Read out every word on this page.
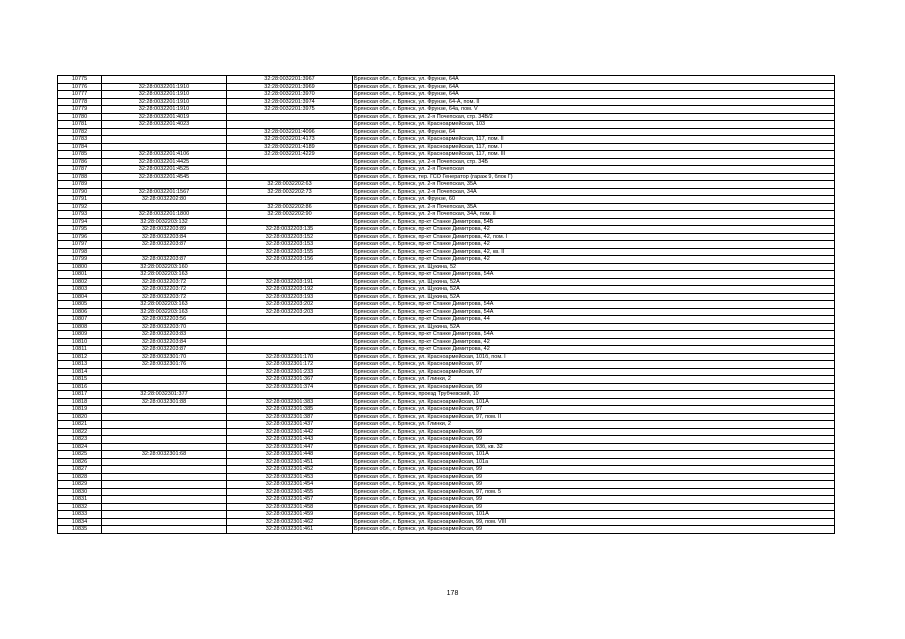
10775		32:28:0032201:3967	Брянская обл., г. Брянск, ул. Фрунзе, 64А
10776	32:28:0032201:1910	32:28:0032201:3969	Брянская обл., г. Брянск, ул. Фрунзе, 64А
10777	32:28:0032201:1910	32:28:0032201:3970	Брянская обл., г. Брянск, ул. Фрунзе, 64А
10778	32:28:0032201:1910	32:28:0032201:3974	Брянская обл., г. Брянск, ул. Фрунзе, 64-А, пом. II
10779	32:28:0032201:1910	32:28:0032201:3975	Брянская обл., г. Брянск, ул. Фрунзе, 64а, пом. V
10780	32:28:0032201:4019		Брянская обл., г. Брянск, ул. 2-я Почепская, стр. 34В/2
10781	32:28:0032201:4023		Брянская обл., г. Брянск, ул. Красноармейская, 103
10782		32:28:0032201:4096	Брянская обл., г. Брянск, ул. Фрунзе, 64
10783		32:28:0032201:4173	Брянская обл., г. Брянск, ул. Красноармейская, 117, пом. II
10784		32:28:0032201:4189	Брянская обл., г. Брянск, ул. Красноармейская, 117, пом. I
10785	32:28:0032201:4106	32:28:0032201:4229	Брянская обл., г. Брянск, ул. Красноармейская, 117, пом. III
10786	32:28:0032201:4425		Брянская обл., г. Брянск, ул. 2-я Почепская, стр. 34Б
10787	32:28:0032201:4525		Брянская обл., г. Брянск, ул. 2-я Почепская
10788	32:28:0032201:4545		Брянская обл., г. Брянск, тер. ГСО Генератор (гараж 9, блок Г)
10789		32:28:0032202:63	Брянская обл., г. Брянск, ул. 2-я Почепская, 35А
10790	32:28:0032201:1567	32:28:0032202:73	Брянская обл., г. Брянск, ул. 2-я Почепская, 34А
10791	32:28:0032202:80		Брянская обл., г. Брянск, ул. Фрунзе, 60
10792		32:28:0032202:86	Брянская обл., г. Брянск, ул. 2-я Почепская, 35А
10793	32:28:0032201:1800	32:28:0032202:90	Брянская обл., г. Брянск, ул. 2-я Почепская, 34А, пом. II
10794	32:28:0032203:132		Брянская обл., г. Брянск, пр-кт Станке Димитрова, 54Б
10795	32:28:0032203:89	32:28:0032203:135	Брянская обл., г. Брянск, пр-кт Станке Димитрова, 42
10796	32:28:0032203:84	32:28:0032203:152	Брянская обл., г. Брянск, пр-кт Станке Димитрова, 42, пом. I
10797	32:28:0032203:87	32:28:0032203:153	Брянская обл., г. Брянск, пр-кт Станке Димитрова, 42
10798		32:28:0032203:155	Брянская обл., г. Брянск, пр-кт Станке Димитрова, 42, кв. II
10799	32:28:0032203:87	32:28:0032203:156	Брянская обл., г. Брянск, пр-кт Станке Димитрова, 42
10800	32:28:0032203:160		Брянская обл., г. Брянск, ул. Щукина, 52
10801	32:28:0032203:163		Брянская обл., г. Брянск, пр-кт Станке Димитрова, 54А
10802	32:28:0032203:72	32:28:0032203:191	Брянская обл., г. Брянск, ул. Щукина, 52А
10803	32:28:0032203:72	32:28:0032203:192	Брянская обл., г. Брянск, ул. Щукина, 52А
10804	32:28:0032203:72	32:28:0032203:193	Брянская обл., г. Брянск, ул. Щукина, 52А
10805	32:28:0032203:163	32:28:0032203:202	Брянская обл., г. Брянск, пр-кт Станке Димитрова, 54А
10806	32:28:0032203:163	32:28:0032203:203	Брянская обл., г. Брянск, пр-кт Станке Димитрова, 54А
10807	32:28:0032203:56		Брянская обл., г. Брянск, пр-кт Станке Димитрова, 44
10808	32:28:0032203:70		Брянская обл., г. Брянск, ул. Щукина, 52А
10809	32:28:0032203:83		Брянская обл., г. Брянск, пр-кт Станке Димитрова, 54А
10810	32:28:0032203:84		Брянская обл., г. Брянск, пр-кт Станке Димитрова, 42
10811	32:28:0032203:87		Брянская обл., г. Брянск, пр-кт Станке Димитрова, 42
10812	32:28:0032301:70	32:28:0032301:170	Брянская обл., г. Брянск, ул. Красноармейская, 101б, пом. I
10813	32:28:0032301:76	32:28:0032301:172	Брянская обл., г. Брянск, ул. Красноармейская, 97
10814		32:28:0032301:233	Брянская обл., г. Брянск, ул. Красноармейская, 97
10815		32:28:0032301:367	Брянская обл., г. Брянск, ул. Глинки, 2
10816		32:28:0032301:374	Брянская обл., г. Брянск, ул. Красноармейская, 99
10817	32:28:0032301:377		Брянская обл., г. Брянск, проезд Трубчевский, 10
10818	32:28:0032301:88	32:28:0032301:383	Брянская обл., г. Брянск, ул. Красноармейская, 101А
10819		32:28:0032301:385	Брянская обл., г. Брянск, ул. Красноармейская, 97
10820		32:28:0032301:387	Брянская обл., г. Брянск, ул. Красноармейская, 97, пом. II
10821		32:28:0032301:437	Брянская обл., г. Брянск, ул. Глинки, 2
10822		32:28:0032301:442	Брянская обл., г. Брянск, ул. Красноармейская, 99
10823		32:28:0032301:443	Брянская обл., г. Брянск, ул. Красноармейская, 99
10824		32:28:0032301:447	Брянская обл., г. Брянск, ул. Красноармейская, 93б, кв. 32
10825	32:28:0032301:68	32:28:0032301:448	Брянская обл., г. Брянск, ул. Красноармейская, 101А
10826		32:28:0032301:451	Брянская обл., г. Брянск, ул. Красноармейская, 101а
10827		32:28:0032301:452	Брянская обл., г. Брянск, ул. Красноармейская, 99
10828		32:28:0032301:453	Брянская обл., г. Брянск, ул. Красноармейская, 99
10829		32:28:0032301:454	Брянская обл., г. Брянск, ул. Красноармейская, 99
10830		32:28:0032301:455	Брянская обл., г. Брянск, ул. Красноармейская, 97, пом. 5
10831		32:28:0032301:457	Брянская обл., г. Брянск, ул. Красноармейская, 99
10832		32:28:0032301:458	Брянская обл., г. Брянск, ул. Красноармейская, 99
10833		32:28:0032301:459	Брянская обл., г. Брянск, ул. Красноармейская, 101А
10834		32:28:0032301:462	Брянская обл., г. Брянск, ул. Красноармейская, 99, пом. VIII
10835		32:28:0032301:461	Брянская обл., г. Брянск, ул. Красноармейская, 99
178
